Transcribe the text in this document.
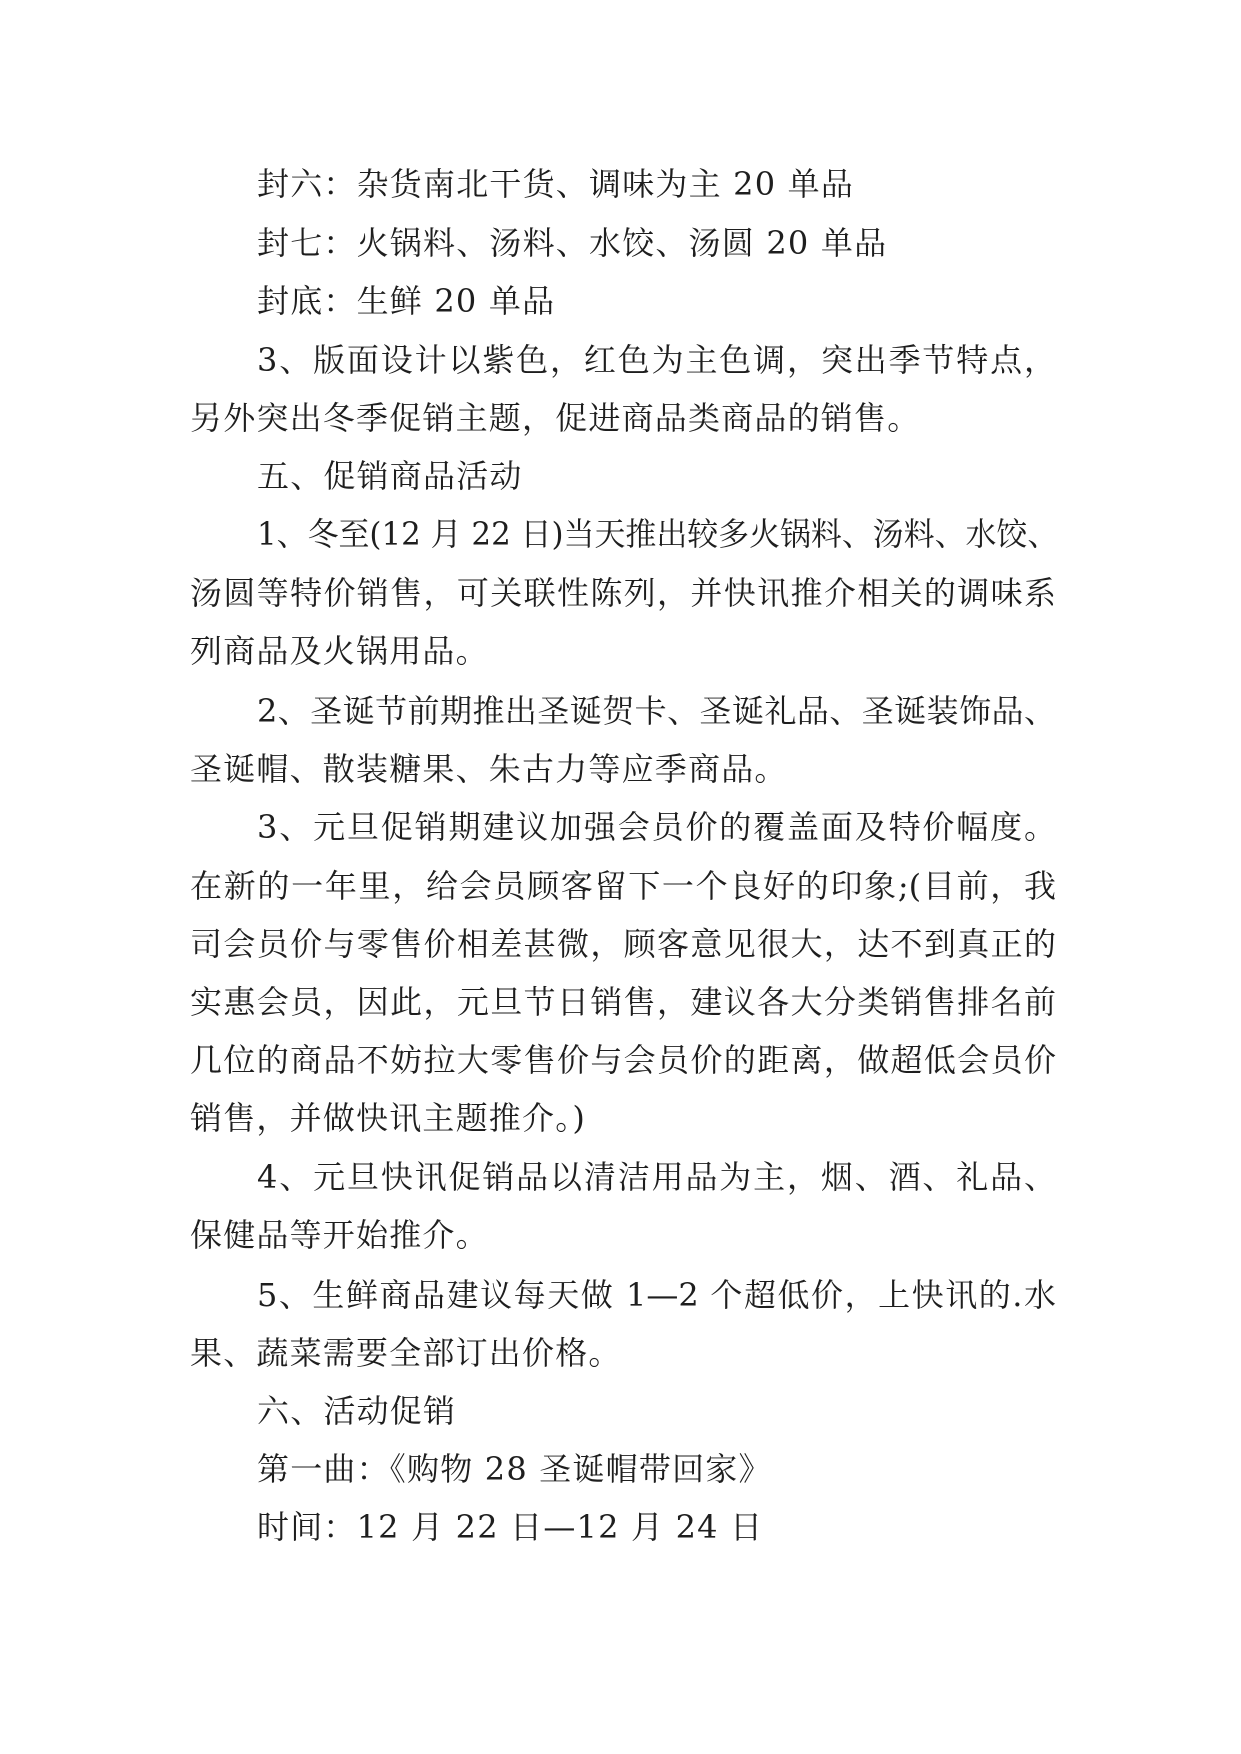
封六：杂货南北干货、调味为主 20 单品
封七：火锅料、汤料、水饺、汤圆 20 单品
封底：生鲜 20 单品
3、版面设计以紫色，红色为主色调，突出季节特点，
另外突出冬季促销主题，促进商品类商品的销售。
五、促销商品活动
1、冬至(12 月 22 日)当天推出较多火锅料、汤料、水饺、
汤圆等特价销售，可关联性陈列，并快讯推介相关的调味系
列商品及火锅用品。
2、圣诞节前期推出圣诞贺卡、圣诞礼品、圣诞装饰品、
圣诞帽、散装糖果、朱古力等应季商品。
3、元旦促销期建议加强会员价的覆盖面及特价幅度。
在新的一年里，给会员顾客留下一个良好的印象;(目前，我
司会员价与零售价相差甚微，顾客意见很大，达不到真正的
实惠会员，因此，元旦节日销售，建议各大分类销售排名前
几位的商品不妨拉大零售价与会员价的距离，做超低会员价
销售，并做快讯主题推介。)
4、元旦快讯促销品以清洁用品为主，烟、酒、礼品、
保健品等开始推介。
5、生鲜商品建议每天做 1—2 个超低价，上快讯的.水
果、蔬菜需要全部订出价格。
六、活动促销
第一曲：《购物 28 圣诞帽带回家》
时间：12 月 22 日—12 月 24 日
